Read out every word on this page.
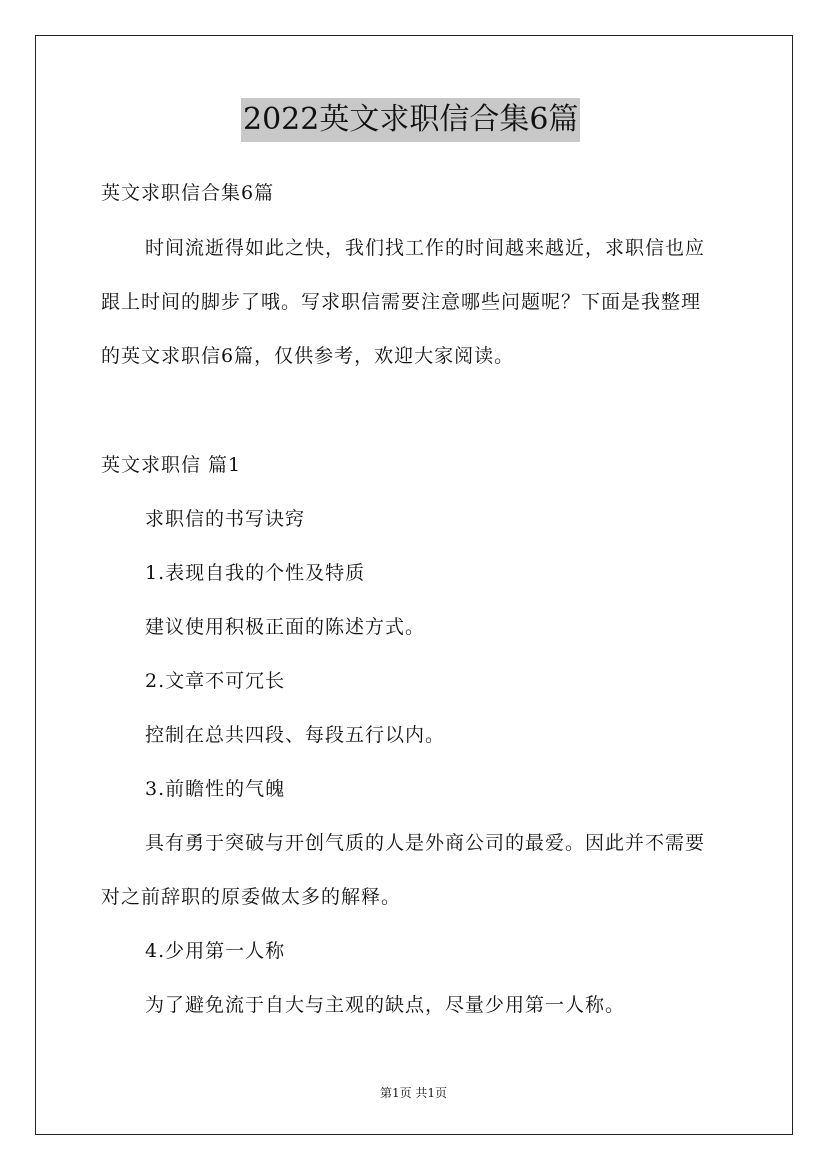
2022英文求职信合集6篇
英文求职信合集6篇
时间流逝得如此之快，我们找工作的时间越来越近，求职信也应
跟上时间的脚步了哦。写求职信需要注意哪些问题呢？下面是我整理
的英文求职信6篇，仅供参考，欢迎大家阅读。
英文求职信 篇1
求职信的书写诀窍
1.表现自我的个性及特质
建议使用积极正面的陈述方式。
2.文章不可冗长
控制在总共四段、每段五行以内。
3.前瞻性的气魄
具有勇于突破与开创气质的人是外商公司的最爱。因此并不需要
对之前辞职的原委做太多的解释。
4.少用第一人称
为了避免流于自大与主观的缺点，尽量少用第一人称。
第1页 共1页
